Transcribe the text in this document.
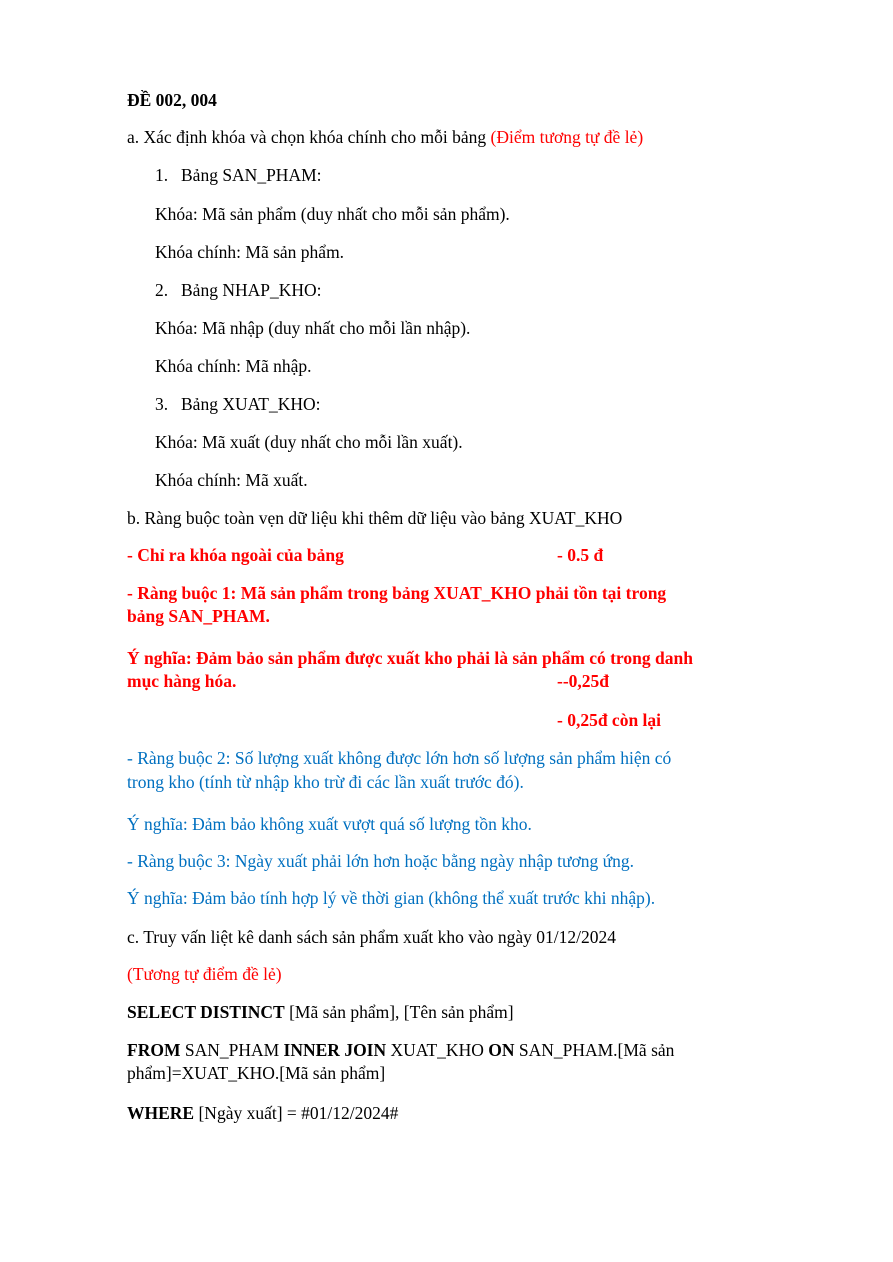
ĐỀ 002, 004
a. Xác định khóa và chọn khóa chính cho mỗi bảng (Điểm tương tự đề lẻ)
1. Bảng SAN_PHAM:
Khóa: Mã sản phẩm (duy nhất cho mỗi sản phẩm).
Khóa chính: Mã sản phẩm.
2. Bảng NHAP_KHO:
Khóa: Mã nhập (duy nhất cho mỗi lần nhập).
Khóa chính: Mã nhập.
3. Bảng XUAT_KHO:
Khóa: Mã xuất (duy nhất cho mỗi lần xuất).
Khóa chính: Mã xuất.
b. Ràng buộc toàn vẹn dữ liệu khi thêm dữ liệu vào bảng XUAT_KHO
- Chỉ ra khóa ngoài của bảng	- 0.5 đ
- Ràng buộc 1: Mã sản phẩm trong bảng XUAT_KHO phải tồn tại trong
bảng SAN_PHAM.
Ý nghĩa: Đảm bảo sản phẩm được xuất kho phải là sản phẩm có trong danh
mục hàng hóa.	--0,25đ
- 0,25đ còn lại
- Ràng buộc 2: Số lượng xuất không được lớn hơn số lượng sản phẩm hiện có
trong kho (tính từ nhập kho trừ đi các lần xuất trước đó).
Ý nghĩa: Đảm bảo không xuất vượt quá số lượng tồn kho.
- Ràng buộc 3: Ngày xuất phải lớn hơn hoặc bằng ngày nhập tương ứng.
Ý nghĩa: Đảm bảo tính hợp lý về thời gian (không thể xuất trước khi nhập).
c. Truy vấn liệt kê danh sách sản phẩm xuất kho vào ngày 01/12/2024
(Tương tự điểm đề lẻ)
SELECT DISTINCT [Mã sản phẩm], [Tên sản phẩm]
FROM SAN_PHAM INNER JOIN XUAT_KHO ON SAN_PHAM.[Mã sản
phẩm]=XUAT_KHO.[Mã sản phẩm]
WHERE [Ngày xuất] = #01/12/2024#
